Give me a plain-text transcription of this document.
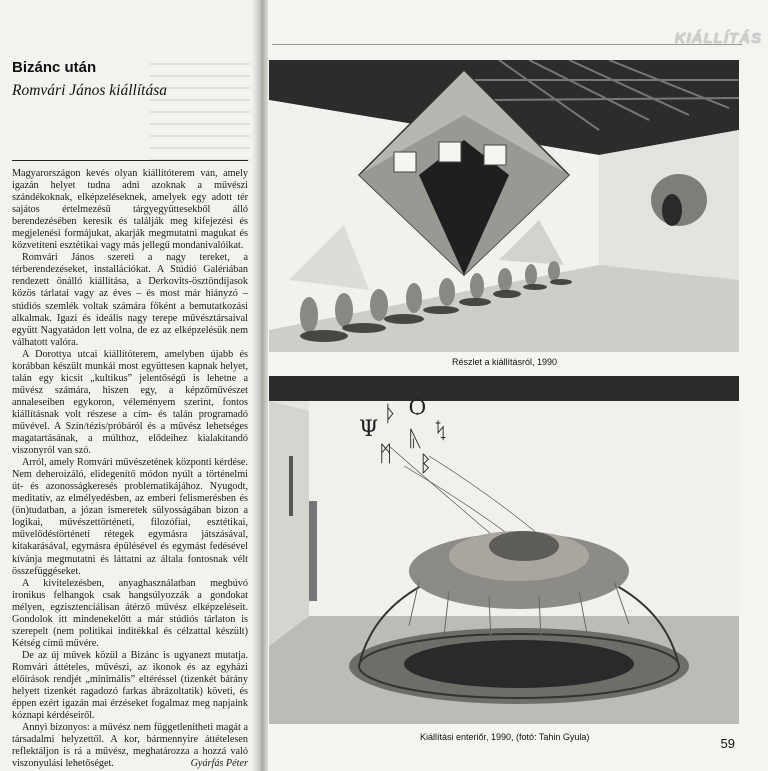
KIÁLLÍTÁS
Bizánc után
Romvári János kiállítása

Magyarországon kevés olyan kiállítóterem van, amely igazán helyet tudna adni azoknak a művészi szándékoknak, elképzeléseknek, amelyek egy adott tér sajátos értelmezésű tárgyegyüttesekből álló berendezésében keresik és találják meg kifejezési és megjelenési formájukat, akarják megmutatni magukat és közvetíteni esztétikai vagy más jellegű mondanivalóikat.

Romvári János szereti a nagy tereket, a térberendezéseket, installációkat. A Stúdió Galériában rendezett önálló kiállítása, a Derkovits-ösztöndíjasok közös tárlatai vagy az éves – és most már hiányzó – stúdiós szemlék voltak számára főként a bemutatkozási alkalmak. Igazi és ideális nagy terepe művésztársaival együtt Nagyatádon lett volna, de ez az elképzelésük nem válhatott valóra.

A Dorottya utcai kiállítóterem, amelyben újabb és korábban készült munkái most együttesen kapnak helyet, talán egy kicsit „kultikus” jelentőségű is lehetne a művész számára, hiszen egy, a képzőművészet annaleseiben egykoron, véleményem szerint, fontos kiállításnak volt részese a cím- és talán programadó művével. A Szín/tézis/próbáról és a művész lehetséges magatartásának, a múlthoz, elődeihez kialakítandó viszonyról van szó.

Arról, amely Romvári művészetének központi kérdése. Nem deheroizáló, elidegenítő módon nyúlt a történelmi út- és azonosságkeresés problematikájához. Nyugodt, meditatív, az elmélyedésben, az emberi felismerésben és (ön)tudatban, a józan ismeretek sülyosságában bizon a logikai, művészettörténeti, filozófiai, esztétikai, művelődéstörténeti rétegek egymásra játszásával, kitakarásával, egymásra épülésével és egymást fedésével kívánja megmutatni és láttatni az általa fontosnak vélt összefüggéseket.

A kivitelezésben, anyaghasználatban megbúvó ironikus felhangok csak hangsúlyozzák a gondokat mélyen, egzisztenciálisan átérző művész elképzeléseit. Gondolok itt mindenekelőtt a már stúdiós tárlaton is szerepelt (nem politikai inditékkal és célzattal készült) Kétség című művére.

De az új művek közül a Bizánc is ugyanezt mutatja. Romvári áttételes, művészi, az ikonok és az egyházi előírások rendjét „minimális” eltéréssel (tizenkét bárány helyett tizenkét ragadozó farkas ábrázoltatik) követi, és éppen ezért igazán mai érzéseket fogalmaz meg napjaink kóznapi kérdéseiről.

Annyi bizonyos: a művész nem függetlenítheti magát a társadalmi helyzettől. A kor, bármennyire áttételesen reflektáljon is rá a művész, meghatározza a hozzá való viszonyulási lehetőséget.	Gyárfás Péter
Részlet a kiállításról, 1990
Ψ
ᚦ Ѻ
ᛗ
ᚣ ᛪ
ᛒ
Kiállítási enteriőr, 1990, (fotó: Tahin Gyula)	59
